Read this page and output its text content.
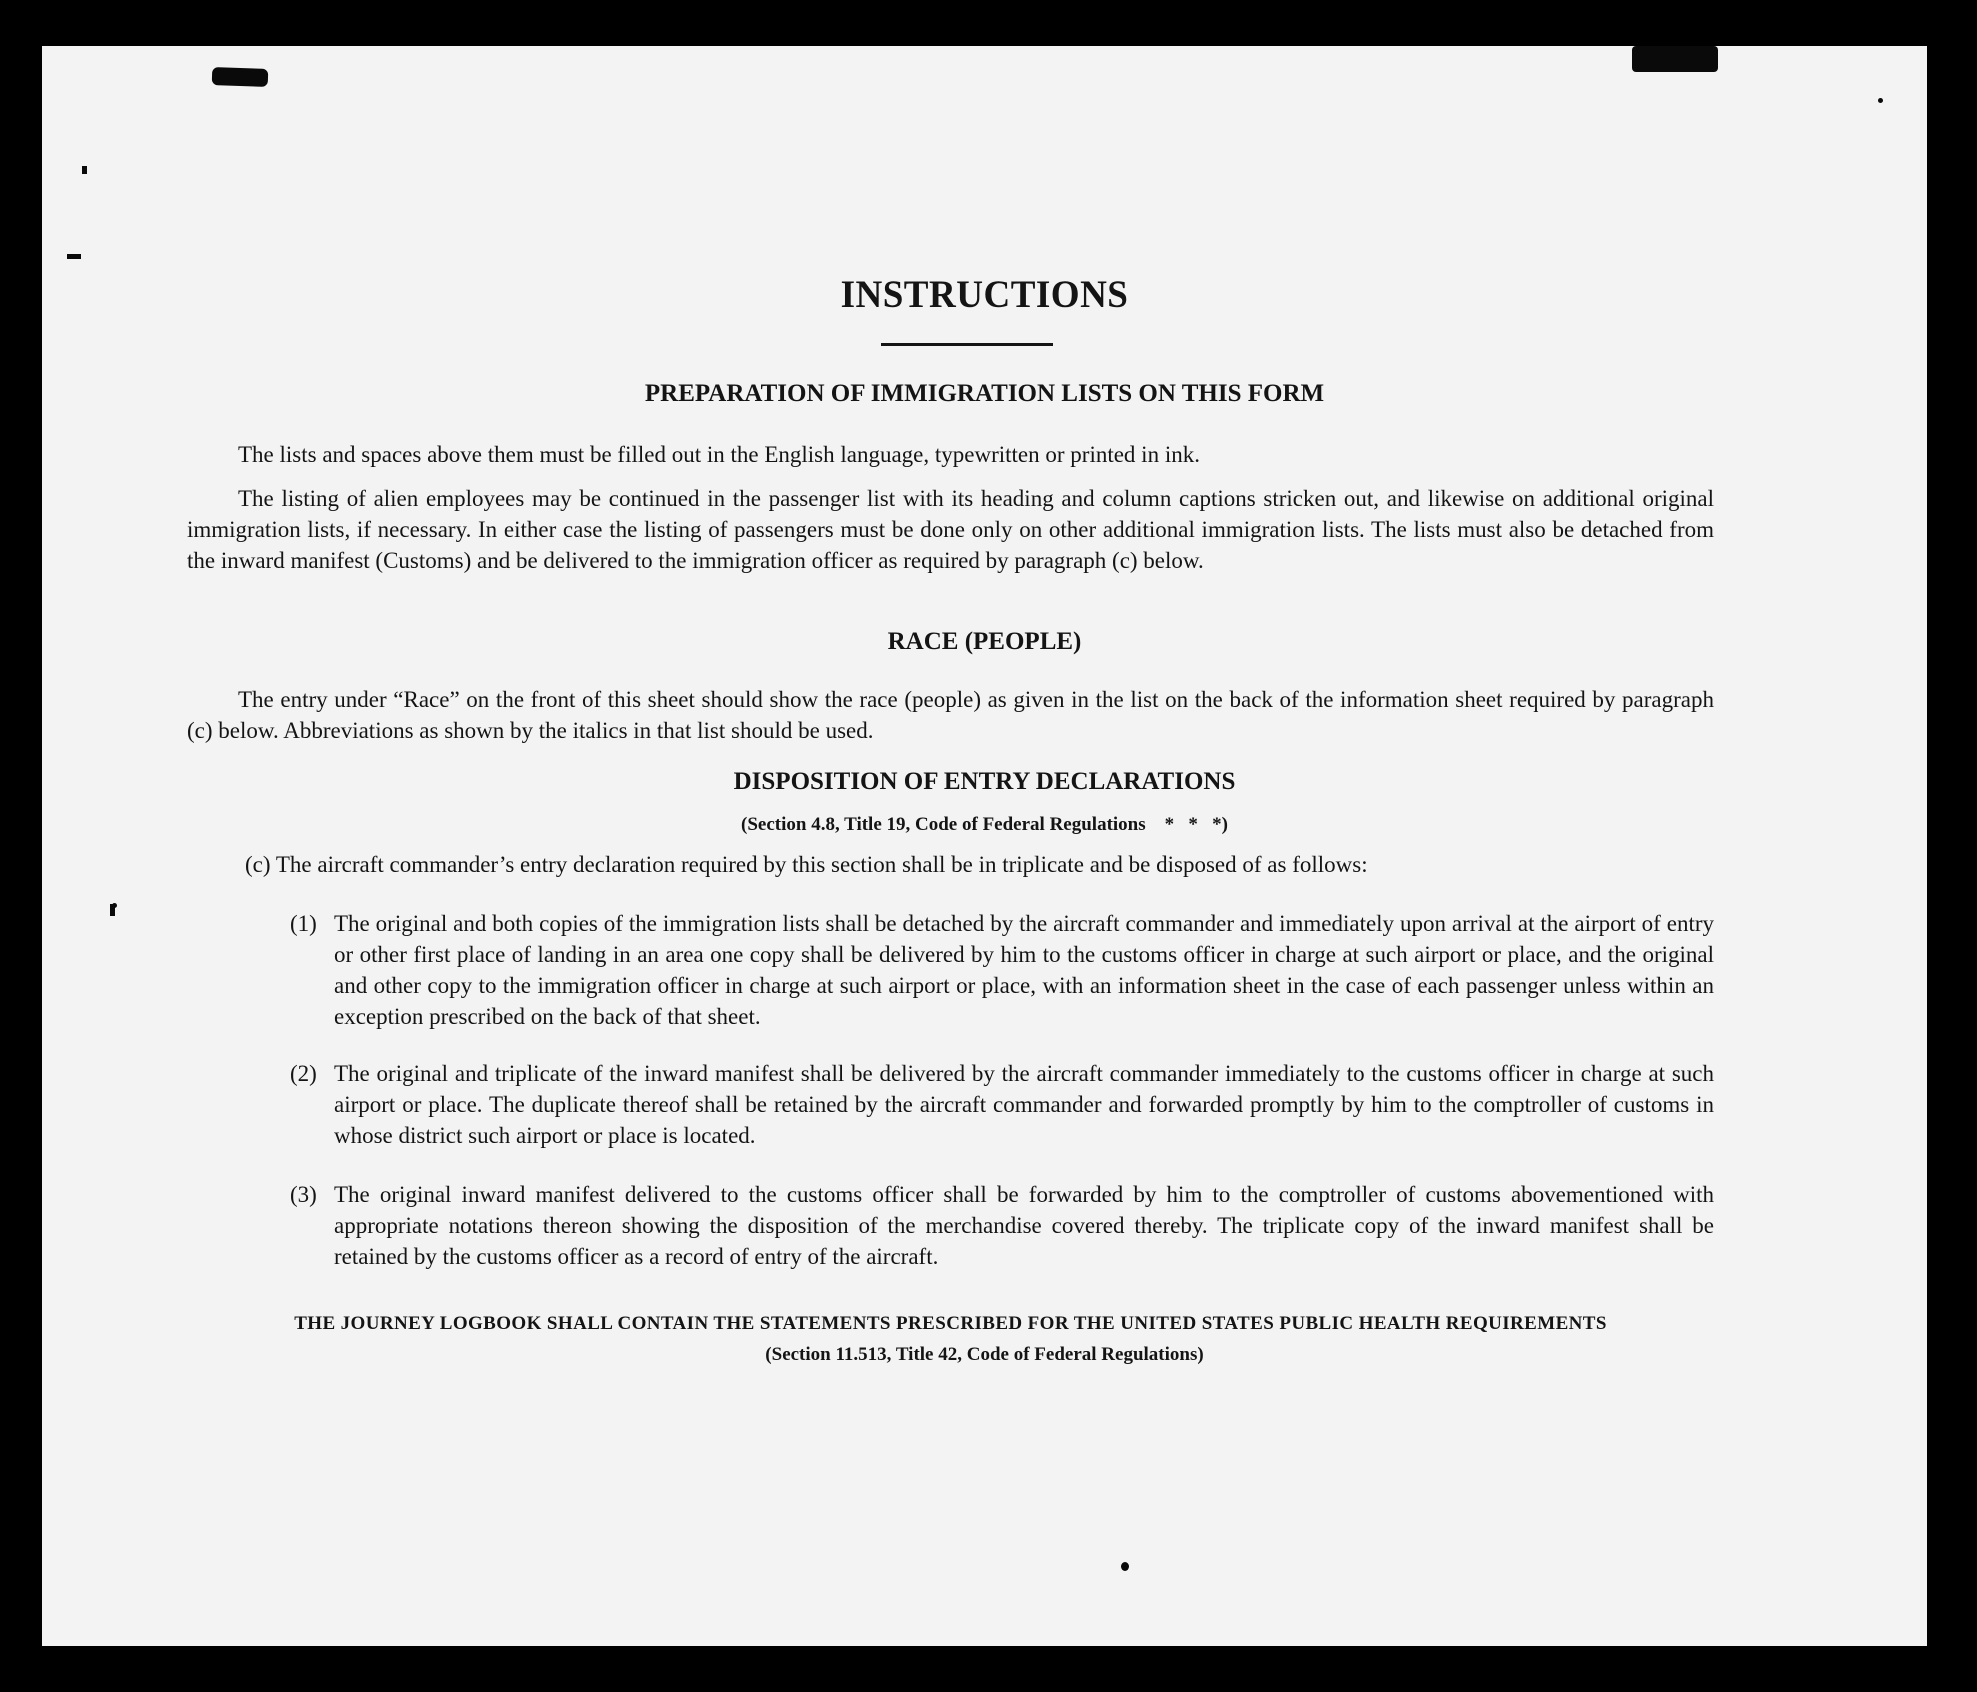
INSTRUCTIONS
PREPARATION OF IMMIGRATION LISTS ON THIS FORM
The lists and spaces above them must be filled out in the English language, typewritten or printed in ink.
The listing of alien employees may be continued in the passenger list with its heading and column captions stricken out, and likewise on additional original immigration lists, if necessary. In either case the listing of passengers must be done only on other additional immigration lists. The lists must also be detached from the inward manifest (Customs) and be delivered to the immigration officer as required by paragraph (c) below.
RACE (PEOPLE)
The entry under “Race” on the front of this sheet should show the race (people) as given in the list on the back of the information sheet required by paragraph (c) below. Abbreviations as shown by the italics in that list should be used.
DISPOSITION OF ENTRY DECLARATIONS
(Section 4.8, Title 19, Code of Federal Regulations    *   *   *)
(c) The aircraft commander’s entry declaration required by this section shall be in triplicate and be disposed of as follows:
(1) The original and both copies of the immigration lists shall be detached by the aircraft commander and immediately upon arrival at the airport of entry or other first place of landing in an area one copy shall be delivered by him to the customs officer in charge at such airport or place, and the original and other copy to the immigration officer in charge at such airport or place, with an information sheet in the case of each passenger unless within an exception prescribed on the back of that sheet.
(2) The original and triplicate of the inward manifest shall be delivered by the aircraft commander immediately to the customs officer in charge at such airport or place. The duplicate thereof shall be retained by the aircraft commander and forwarded promptly by him to the comptroller of customs in whose district such airport or place is located.
(3) The original inward manifest delivered to the customs officer shall be forwarded by him to the comptroller of customs abovementioned with appropriate notations thereon showing the disposition of the merchandise covered thereby. The triplicate copy of the inward manifest shall be retained by the customs officer as a record of entry of the aircraft.
THE JOURNEY LOGBOOK SHALL CONTAIN THE STATEMENTS PRESCRIBED FOR THE UNITED STATES PUBLIC HEALTH REQUIREMENTS
(Section 11.513, Title 42, Code of Federal Regulations)
